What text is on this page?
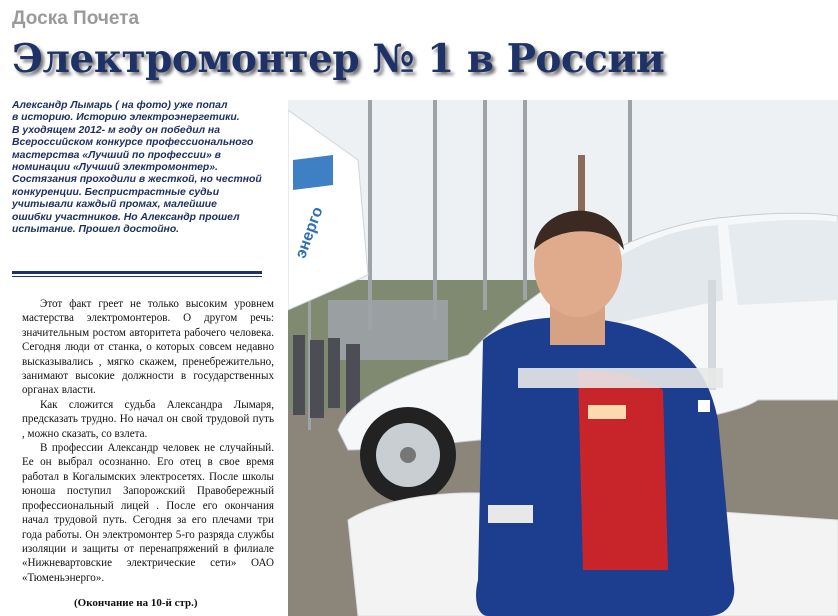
Доска Почета
Электромонтер № 1 в России

Александр Лымарь ( на фото) уже попал

в историю. Историю электроэнергетики.

В уходящем 2012- м году он победил на

Всероссийском конкурсе профессионального

мастерства «Лучший по профессии» в

номинации «Лучший электромонтер».

Состязания проходили в жесткой, но честной

конкуренции. Беспристрастные судьи

учитывали каждый промах, малейшие

ошибки участников. Но Александр прошел

испытание. Прошел достойно.

Этот факт греет не только высоким уровнем мастерства электромонтеров. О другом речь: значительным ростом авторитета рабочего человека. Сегодня люди от станка, о которых совсем недавно высказывались , мягко скажем, пренебрежительно, занимают высокие должности в государственных органах власти.

Как сложится судьба Александра Лымаря, предсказать трудно. Но начал он свой трудовой путь , можно сказать, со взлета.

В профессии Александр человек не случайный. Ее он выбрал осознанно. Его отец в свое время работал в Когалымских электросетях. После школы юноша поступил Запорожский Правобережный профессиональный лицей . После его окончания начал трудовой путь. Сегодня за его плечами три года работы. Он электромонтер 5-го разряда службы изоляции и защиты от перенапряжений в филиале «Нижневартовские электрические сети» ОАО «Тюменьэнерго».

(Окончание на 10-й стр.)
энерго
